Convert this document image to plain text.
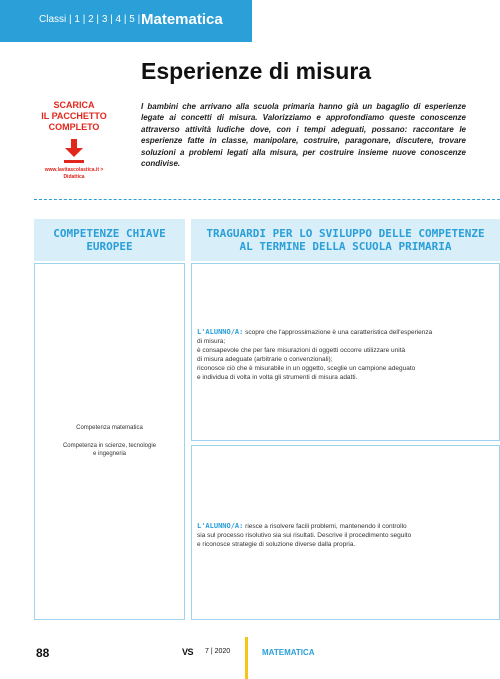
Classi | 1 | 2 | 3 | 4 | 5 | Matematica
Esperienze di misura
SCARICA
IL PACCHETTO
COMPLETO
www.lavitascolastica.it >
Didattica

I bambini che arrivano alla scuola primaria hanno già un bagaglio di esperienze legate ai concetti di misura. Valorizziamo e approfondiamo queste conoscenze attraverso attività ludiche dove, con i tempi adeguati, possano: raccontare le esperienze fatte in classe, manipolare, costruire, paragonare, discutere, trovare soluzioni a problemi legati alla misura, per costruire insieme nuove conoscenze condivise.

COMPETENZE CHIAVE EUROPEE
TRAGUARDI PER LO SVILUPPO DELLE COMPETENZE
AL TERMINE DELLA SCUOLA PRIMARIA
Competenza matematica
Competenza in scienze, tecnologie
e ingegneria
L'ALUNNO/A: scopre che l'approssimazione è una caratteristica dell'esperienza
di misura;
è consapevole che per fare misurazioni di oggetti occorre utilizzare unità
di misura adeguate (arbitrarie o convenzionali);
riconosce ciò che è misurabile in un oggetto, sceglie un campione adeguato
e individua di volta in volta gli strumenti di misura adatti.
L'ALUNNO/A: riesce a risolvere facili problemi, mantenendo il controllo
sia sul processo risolutivo sia sui risultati. Descrive il procedimento seguito
e riconosce strategie di soluzione diverse dalla propria.
88	VS 7 | 2020	MATEMATICA
